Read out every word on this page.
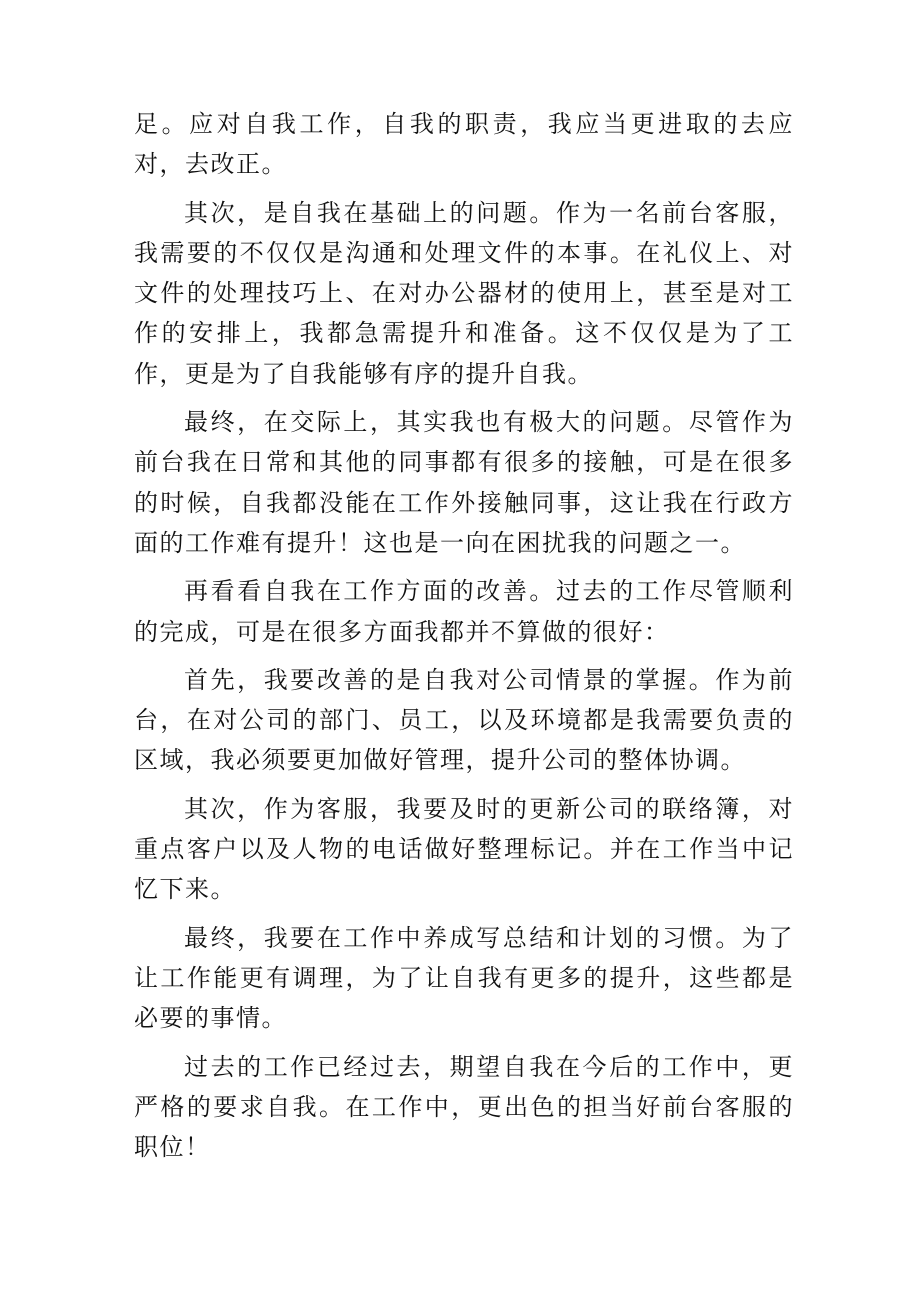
足。应对自我工作，自我的职责，我应当更进取的去应对，去改正。

其次，是自我在基础上的问题。作为一名前台客服，我需要的不仅仅是沟通和处理文件的本事。在礼仪上、对文件的处理技巧上、在对办公器材的使用上，甚至是对工作的安排上，我都急需提升和准备。这不仅仅是为了工作，更是为了自我能够有序的提升自我。

最终，在交际上，其实我也有极大的问题。尽管作为前台我在日常和其他的同事都有很多的接触，可是在很多的时候，自我都没能在工作外接触同事，这让我在行政方面的工作难有提升！这也是一向在困扰我的问题之一。

再看看自我在工作方面的改善。过去的工作尽管顺利的完成，可是在很多方面我都并不算做的很好：

首先，我要改善的是自我对公司情景的掌握。作为前台，在对公司的部门、员工，以及环境都是我需要负责的区域，我必须要更加做好管理，提升公司的整体协调。

其次，作为客服，我要及时的更新公司的联络簿，对重点客户以及人物的电话做好整理标记。并在工作当中记忆下来。

最终，我要在工作中养成写总结和计划的习惯。为了让工作能更有调理，为了让自我有更多的提升，这些都是必要的事情。

过去的工作已经过去，期望自我在今后的工作中，更严格的要求自我。在工作中，更出色的担当好前台客服的职位！
